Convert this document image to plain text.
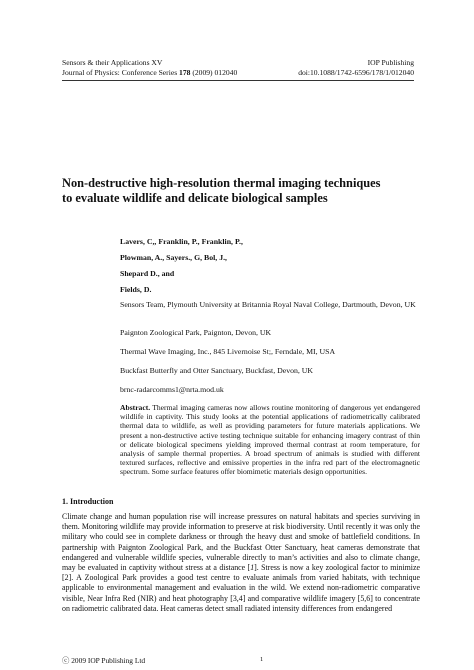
Sensors & their Applications XV	IOP Publishing
Journal of Physics: Conference Series 178 (2009) 012040	doi:10.1088/1742-6596/178/1/012040
Non-destructive high-resolution thermal imaging techniques
to evaluate wildlife and delicate biological samples
Lavers, C,, Franklin, P., Franklin, P.,
Plowman, A., Sayers., G, Bol, J.,
Shepard D., and
Fields, D.
Sensors Team, Plymouth University at Britannia Royal Naval College, Dartmouth, Devon, UK
Paignton Zoological Park, Paignton, Devon, UK
Thermal Wave Imaging, Inc., 845 Livernoise St;, Ferndale, MI, USA
Buckfast Butterfly and Otter Sanctuary, Buckfast, Devon, UK
brnc-radarcomms1@nrta.mod.uk
Abstract. Thermal imaging cameras now allows routine monitoring of dangerous yet endangered wildlife in captivity. This study looks at the potential applications of radiometrically calibrated thermal data to wildlife, as well as providing parameters for future materials applications. We present a non-destructive active testing technique suitable for enhancing imagery contrast of thin or delicate biological specimens yielding improved thermal contrast at room temperature, for analysis of sample thermal properties. A broad spectrum of animals is studied with different textured surfaces, reflective and emissive properties in the infra red part of the electromagnetic spectrum. Some surface features offer biomimetic materials design opportunities.
1. Introduction
Climate change and human population rise will increase pressures on natural habitats and species surviving in them. Monitoring wildlife may provide information to preserve at risk biodiversity. Until recently it was only the military who could see in complete darkness or through the heavy dust and smoke of battlefield conditions. In partnership with Paignton Zoological Park, and the Buckfast Otter Sanctuary, heat cameras demonstrate that endangered and vulnerable wildlife species, vulnerable directly to man’s activities and also to climate change, may be evaluated in captivity without stress at a distance [1]. Stress is now a key zoological factor to minimize [2]. A Zoological Park provides a good test centre to evaluate animals from varied habitats, with technique applicable to environmental management and evaluation in the wild. We extend non-radiometric comparative visible, Near Infra Red (NIR) and heat photography [3,4] and comparative wildlife imagery [5,6] to concentrate on radiometric calibrated data. Heat cameras detect small radiated intensity differences from endangered
ⓒ 2009 IOP Publishing Ltd	1
